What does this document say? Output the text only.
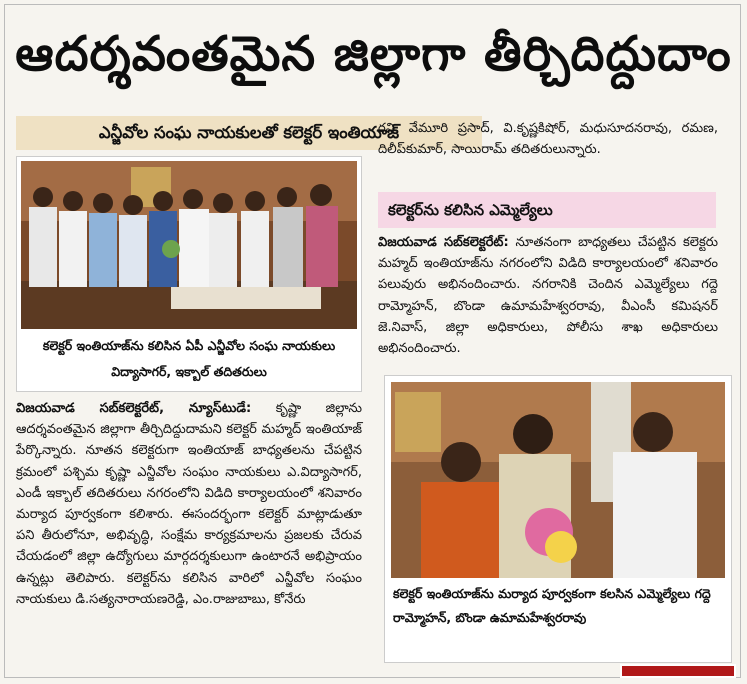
ఆదర్శవంతమైన జిల్లాగా తీర్చిదిద్దుదాం
ఎన్జీవోల సంఘ నాయకులతో కలెక్టర్ ఇంతియాజ్
కలెక్టర్ ఇంతియాజ్‌ను కలిసిన ఏపీ ఎన్జీవోల సంఘ నాయకులు విద్యాసాగర్, ఇక్బాల్ తదితరులు
విజయవాడ సబ్‌కలెక్టరేట్, న్యూస్‌టుడే: కృష్ణా జిల్లాను ఆదర్శవంతమైన జిల్లాగా తీర్చిదిద్దుదామని కలెక్టర్ మహ్మద్ ఇంతియాజ్ పేర్కొన్నారు. నూతన కలెక్టరుగా ఇంతియాజ్ బాధ్యతలను చేపట్టిన క్రమంలో పశ్చిమ కృష్ణా ఎన్జీవోల సంఘం నాయకులు ఎ.విద్యాసాగర్, ఎండీ ఇక్బాల్ తదితరులు నగరంలోని విడిది కార్యాలయంలో శనివారం మర్యాద పూర్వకంగా కలిశారు. ఈసందర్భంగా కలెక్టర్ మాట్లాడుతూ పని తీరులోనూ, అభివృద్ధి, సంక్షేమ కార్యక్రమాలను ప్రజలకు చేరువ చేయడంలో జిల్లా ఉద్యోగులు మార్గదర్శకులుగా ఉంటారనే అభిప్రాయం ఉన్నట్లు తెలిపారు. కలెక్టర్‌ను కలిసిన వారిలో ఎన్జీవోల సంఘం నాయకులు డి.సత్యనారాయణరెడ్డి, ఎం.రాజుబాబు, కోనేరు
రవి, వేమూరి ప్రసాద్, వి.కృష్ణకిషోర్, మధుసూదనరావు, రమణ, దిలీప్‌కుమార్, సాయిరామ్ తదితరులున్నారు.
కలెక్టర్‌ను కలిసిన ఎమ్మెల్యేలు
విజయవాడ సబ్‌కలెక్టరేట్: నూతనంగా బాధ్యతలు చేపట్టిన కలెక్టరు మహ్మద్ ఇంతియాజ్‌ను నగరంలోని విడిది కార్యాలయంలో శనివారం పలువురు అభినందించారు. నగరానికి చెందిన ఎమ్మెల్యేలు గద్దె రామ్మోహన్, బొండా ఉమామహేశ్వరరావు, వీఎంసీ కమిషనర్ జె.నివాస్, జిల్లా అధికారులు, పోలీసు శాఖ అధికారులు అభినందించారు.
కలెక్టర్ ఇంతియాజ్‌ను మర్యాద పూర్వకంగా కలసిన ఎమ్మెల్యేలు గద్దె రామ్మోహన్, బొండా ఉమామహేశ్వరరావు
